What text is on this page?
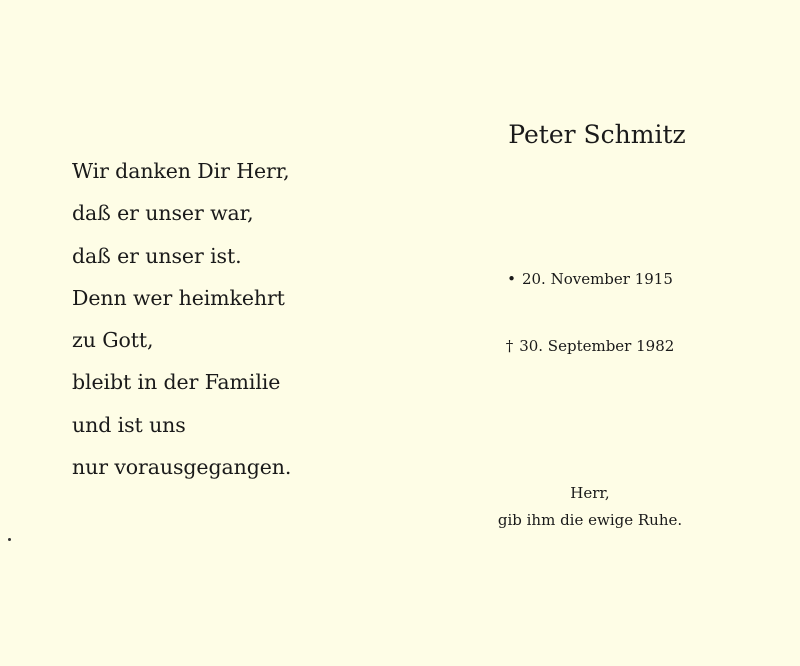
Wir danken Dir Herr,
daß er unser war,
daß er unser ist.
Denn wer heimkehrt
zu Gott,
bleibt in der Familie
und ist uns
nur vorausgegangen.
Peter Schmitz
• 20. November 1915
† 30. September 1982
Herr,
gib ihm die ewige Ruhe.
